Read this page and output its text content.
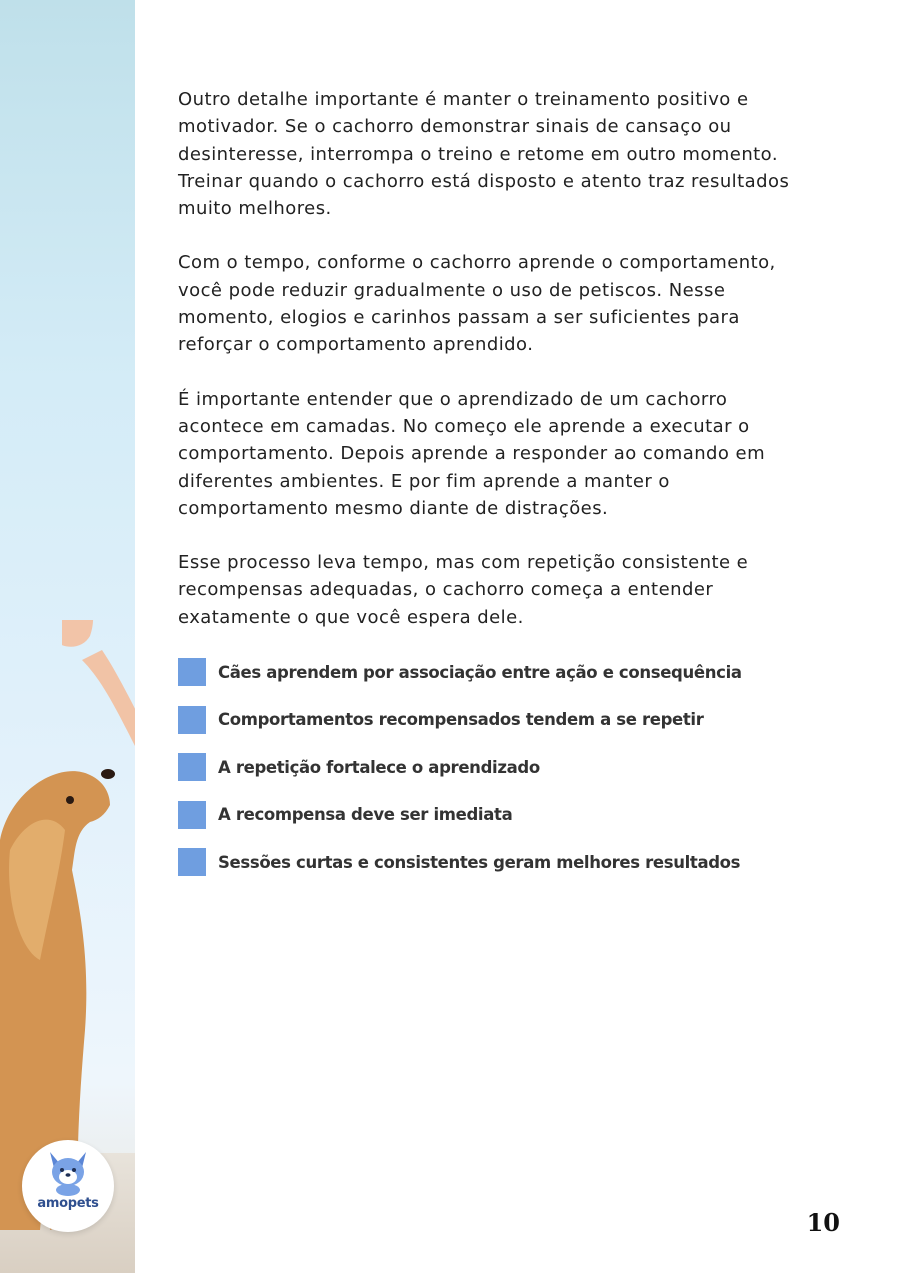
amopets

Outro detalhe importante é manter o treinamento positivo e motivador. Se o cachorro demonstrar sinais de cansaço ou desinteresse, interrompa o treino e retome em outro momento. Treinar quando o cachorro está disposto e atento traz resultados muito melhores.

Com o tempo, conforme o cachorro aprende o comportamento, você pode reduzir gradualmente o uso de petiscos. Nesse momento, elogios e carinhos passam a ser suficientes para reforçar o comportamento aprendido.

É importante entender que o aprendizado de um cachorro acontece em camadas. No começo ele aprende a executar o comportamento. Depois aprende a responder ao comando em diferentes ambientes. E por fim aprende a manter o comportamento mesmo diante de distrações.

Esse processo leva tempo, mas com repetição consistente e recompensas adequadas, o cachorro começa a entender exatamente o que você espera dele.

Cães aprendem por associação entre ação e consequência
Comportamentos recompensados tendem a se repetir
A repetição fortalece o aprendizado
A recompensa deve ser imediata
Sessões curtas e consistentes geram melhores resultados
10
